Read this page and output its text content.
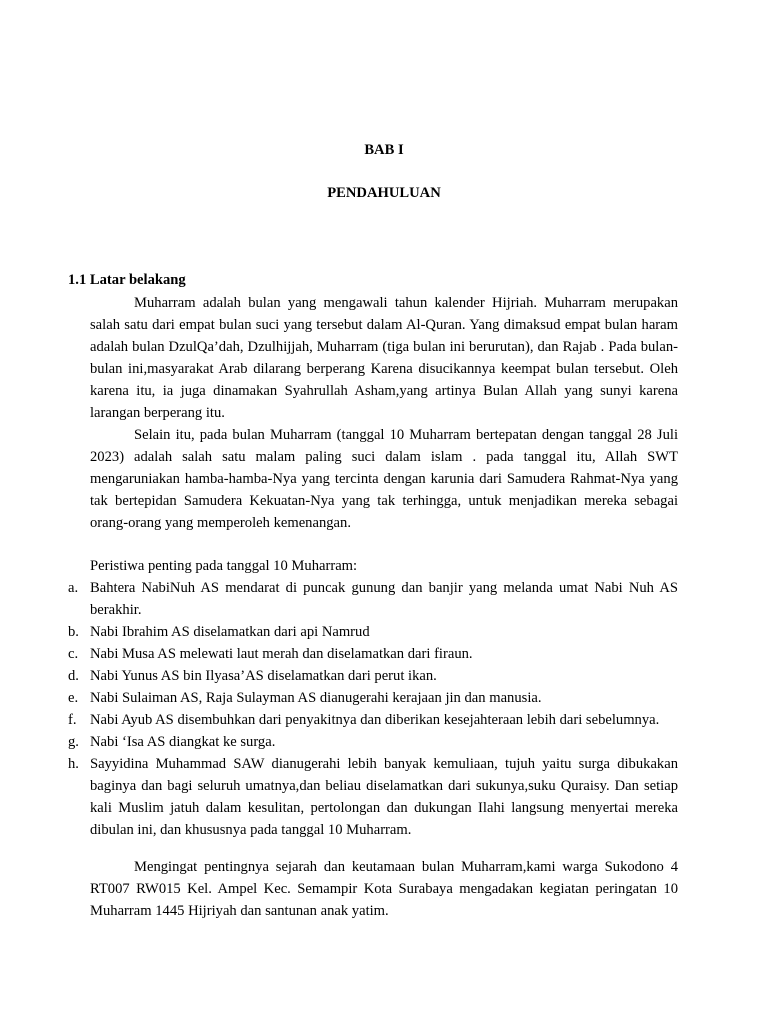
BAB I
PENDAHULUAN
1.1 Latar belakang
Muharram adalah bulan yang mengawali tahun kalender Hijriah. Muharram merupakan salah satu dari empat bulan suci yang tersebut dalam Al-Quran. Yang dimaksud empat bulan haram adalah bulan DzulQa’dah, Dzulhijjah, Muharram (tiga bulan ini berurutan), dan Rajab . Pada bulan-bulan ini,masyarakat Arab dilarang berperang Karena disucikannya keempat bulan tersebut. Oleh karena itu, ia juga dinamakan Syahrullah Asham,yang artinya Bulan Allah yang sunyi karena larangan berperang itu.
Selain itu, pada bulan Muharram (tanggal 10 Muharram bertepatan dengan tanggal 28 Juli 2023) adalah salah satu malam paling suci dalam islam . pada tanggal itu, Allah SWT mengaruniakan hamba-hamba-Nya yang tercinta dengan karunia dari Samudera Rahmat-Nya yang tak bertepidan Samudera Kekuatan-Nya yang tak terhingga, untuk menjadikan mereka sebagai orang-orang yang memperoleh kemenangan.
Peristiwa penting pada tanggal 10 Muharram:
a. Bahtera NabiNuh AS mendarat di puncak gunung dan banjir yang melanda umat Nabi Nuh AS berakhir.
b. Nabi Ibrahim AS diselamatkan dari api Namrud
c. Nabi Musa AS melewati laut merah dan diselamatkan dari firaun.
d. Nabi Yunus AS bin Ilyasa’AS diselamatkan dari perut ikan.
e. Nabi Sulaiman AS, Raja Sulayman AS dianugerahi kerajaan jin dan manusia.
f. Nabi Ayub AS disembuhkan dari penyakitnya dan diberikan kesejahteraan lebih dari sebelumnya.
g. Nabi ‘Isa AS diangkat ke surga.
h. Sayyidina Muhammad SAW dianugerahi lebih banyak kemuliaan, tujuh yaitu surga dibukakan baginya dan bagi seluruh umatnya,dan beliau diselamatkan dari sukunya,suku Quraisy. Dan setiap kali Muslim jatuh dalam kesulitan, pertolongan dan dukungan Ilahi langsung menyertai mereka dibulan ini, dan khususnya pada tanggal 10 Muharram.
Mengingat pentingnya sejarah dan keutamaan bulan Muharram,kami warga Sukodono 4 RT007 RW015 Kel. Ampel Kec. Semampir Kota Surabaya mengadakan kegiatan peringatan 10 Muharram 1445 Hijriyah dan santunan anak yatim.
